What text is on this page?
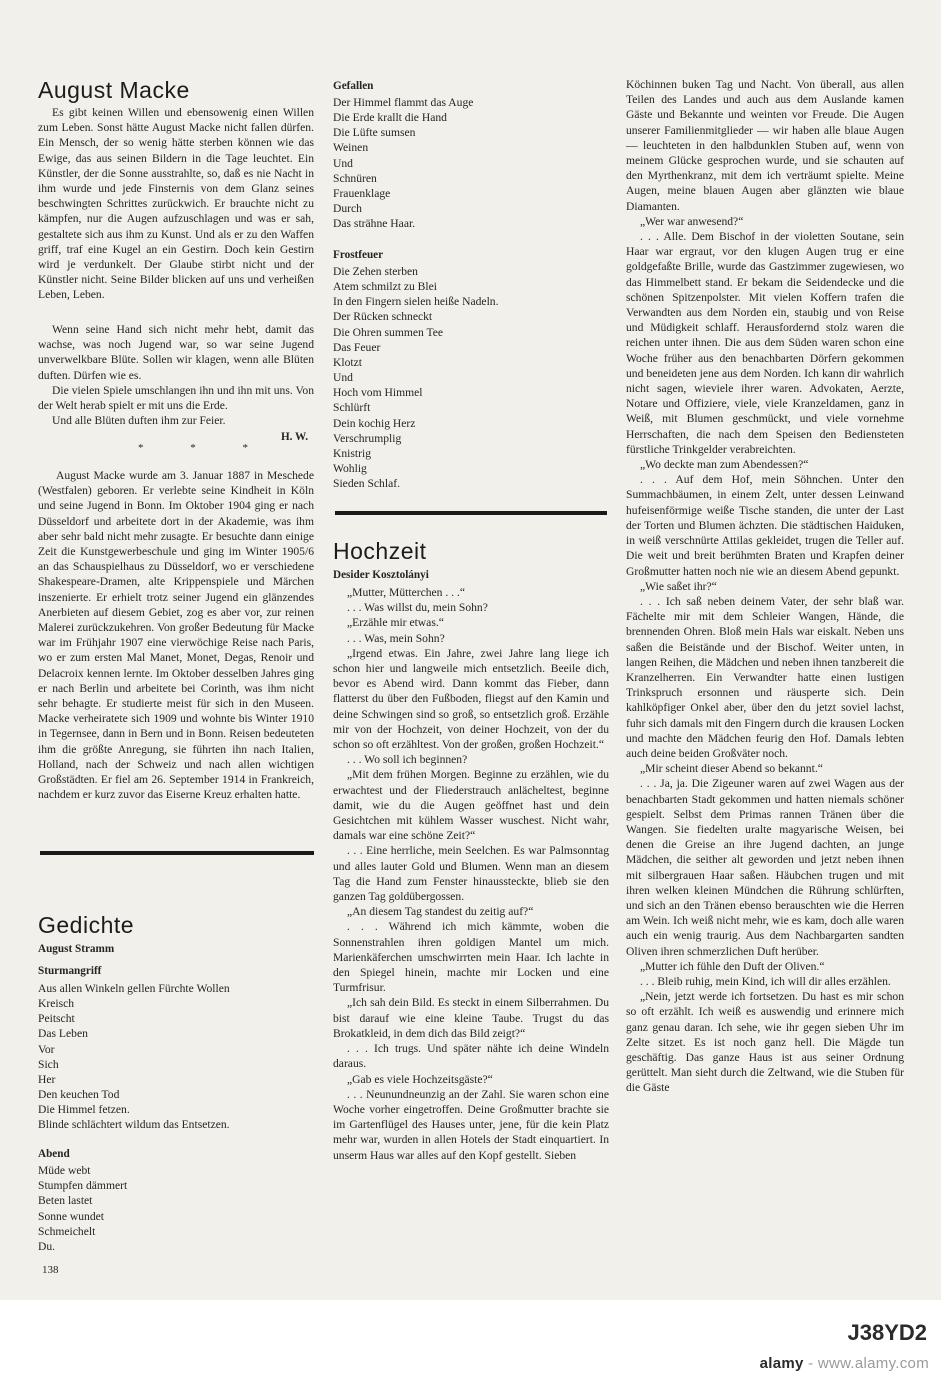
August Macke
Es gibt keinen Willen und ebensowenig einen Willen zum Leben. Sonst hätte August Macke nicht fallen dürfen. Ein Mensch, der so wenig hätte sterben können wie das Ewige, das aus seinen Bildern in die Tage leuchtet. Ein Künstler, der die Sonne ausstrahlte, so, daß es nie Nacht in ihm wurde und jede Finsternis von dem Glanz seines beschwingten Schrittes zurückwich. Er brauchte nicht zu kämpfen, nur die Augen aufzuschlagen und was er sah, gestaltete sich aus ihm zu Kunst. Und als er zu den Waffen griff, traf eine Kugel an ein Gestirn. Doch kein Gestirn wird je verdunkelt. Der Glaube stirbt nicht und der Künstler nicht. Seine Bilder blicken auf uns und verheißen Leben, Leben.
Wenn seine Hand sich nicht mehr hebt, damit das wachse, was noch Jugend war, so war seine Jugend unverwelkbare Blüte. Sollen wir klagen, wenn alle Blüten duften. Dürfen wie es.
Die vielen Spiele umschlangen ihn und ihn mit uns. Von der Welt herab spielt er mit uns die Erde.
Und alle Blüten duften ihm zur Feier.
H. W.
* * *
August Macke wurde am 3. Januar 1887 in Meschede (Westfalen) geboren. Er verlebte seine Kindheit in Köln und seine Jugend in Bonn. Im Oktober 1904 ging er nach Düsseldorf und arbeitete dort in der Akademie, was ihm aber sehr bald nicht mehr zusagte. Er besuchte dann einige Zeit die Kunstgewerbeschule und ging im Winter 1905/6 an das Schauspielhaus zu Düsseldorf, wo er verschiedene Shakespeare-Dramen, alte Krippenspiele und Märchen inszenierte. Er erhielt trotz seiner Jugend ein glänzendes Anerbieten auf diesem Gebiet, zog es aber vor, zur reinen Malerei zurückzukehren. Von großer Bedeutung für Macke war im Frühjahr 1907 eine vierwöchige Reise nach Paris, wo er zum ersten Mal Manet, Monet, Degas, Renoir und Delacroix kennen lernte. Im Oktober desselben Jahres ging er nach Berlin und arbeitete bei Corinth, was ihm nicht sehr behagte. Er studierte meist für sich in den Museen. Macke verheiratete sich 1909 und wohnte bis Winter 1910 in Tegernsee, dann in Bern und in Bonn. Reisen bedeuteten ihm die größte Anregung, sie führten ihn nach Italien, Holland, nach der Schweiz und nach allen wichtigen Großstädten. Er fiel am 26. September 1914 in Frankreich, nachdem er kurz zuvor das Eiserne Kreuz erhalten hatte.
Gedichte
August Stramm
Sturmangriff
Aus allen Winkeln gellen Fürchte Wollen
Kreisch
Peitscht
Das Leben
Vor
Sich
Her
Den keuchen Tod
Die Himmel fetzen.
Blinde schlächtert wildum das Entsetzen.
Abend
Müde webt
Stumpfen dämmert
Beten lastet
Sonne wundet
Schmeichelt
Du.
138
Gefallen
Der Himmel flammt das Auge
Die Erde krallt die Hand
Die Lüfte sumsen
Weinen
Und
Schnüren
Frauenklage
Durch
Das strähne Haar.
Frostfeuer
Die Zehen sterben
Atem schmilzt zu Blei
In den Fingern sielen heiße Nadeln.
Der Rücken schneckt
Die Ohren summen Tee
Das Feuer
Klotzt
Und
Hoch vom Himmel
Schlürft
Dein kochig Herz
Verschrumplig
Knistrig
Wohlig
Sieden Schlaf.
Hochzeit
Desider Kosztolányi
„Mutter, Mütterchen . . .“
. . . Was willst du, mein Sohn?
„Erzähle mir etwas.“
. . . Was, mein Sohn?
„Irgend etwas. Ein Jahre, zwei Jahre lang liege ich schon hier und langweile mich entsetzlich. Beeile dich, bevor es Abend wird. Dann kommt das Fieber, dann flatterst du über den Fußboden, fliegst auf den Kamin und deine Schwingen sind so groß, so entsetzlich groß. Erzähle mir von der Hochzeit, von deiner Hochzeit, von der du schon so oft erzähltest. Von der großen, großen Hochzeit.“
. . . Wo soll ich beginnen?
„Mit dem frühen Morgen. Beginne zu erzählen, wie du erwachtest und der Fliederstrauch anlächeltest, beginne damit, wie du die Augen geöffnet hast und dein Gesichtchen mit kühlem Wasser wuschest. Nicht wahr, damals war eine schöne Zeit?“
. . . Eine herrliche, mein Seelchen. Es war Palmsonntag und alles lauter Gold und Blumen. Wenn man an diesem Tag die Hand zum Fenster hinaussteckte, blieb sie den ganzen Tag goldübergossen.
„An diesem Tag standest du zeitig auf?“
. . . Während ich mich kämmte, woben die Sonnenstrahlen ihren goldigen Mantel um mich. Marienkäferchen umschwirrten mein Haar. Ich lachte in den Spiegel hinein, machte mir Locken und eine Turmfrisur.
„Ich sah dein Bild. Es steckt in einem Silberrahmen. Du bist darauf wie eine kleine Taube. Trugst du das Brokatkleid, in dem dich das Bild zeigt?“
. . . Ich trugs. Und später nähte ich deine Windeln daraus.
„Gab es viele Hochzeitsgäste?“
. . . Neunundneunzig an der Zahl. Sie waren schon eine Woche vorher eingetroffen. Deine Großmutter brachte sie im Gartenflügel des Hauses unter, jene, für die kein Platz mehr war, wurden in allen Hotels der Stadt einquartiert. In unserm Haus war alles auf den Kopf gestellt. Sieben
Köchinnen buken Tag und Nacht. Von überall, aus allen Teilen des Landes und auch aus dem Auslande kamen Gäste und Bekannte und weinten vor Freude. Die Augen unserer Familienmitglieder — wir haben alle blaue Augen — leuchteten in den halbdunklen Stuben auf, wenn von meinem Glücke gesprochen wurde, und sie schauten auf den Myrthenkranz, mit dem ich verträumt spielte. Meine Augen, meine blauen Augen aber glänzten wie blaue Diamanten.
„Wer war anwesend?“
. . . Alle. Dem Bischof in der violetten Soutane, sein Haar war ergraut, vor den klugen Augen trug er eine goldgefaßte Brille, wurde das Gastzimmer zugewiesen, wo das Himmelbett stand. Er bekam die Seidendecke und die schönen Spitzenpolster. Mit vielen Koffern trafen die Verwandten aus dem Norden ein, staubig und von Reise und Müdigkeit schlaff. Herausfordernd stolz waren die reichen unter ihnen. Die aus dem Süden waren schon eine Woche früher aus den benachbarten Dörfern gekommen und beneideten jene aus dem Norden. Ich kann dir wahrlich nicht sagen, wieviele ihrer waren. Advokaten, Aerzte, Notare und Offiziere, viele, viele Kranzeldamen, ganz in Weiß, mit Blumen geschmückt, und viele vornehme Herrschaften, die nach dem Speisen den Bediensteten fürstliche Trinkgelder verabreichten.
„Wo deckte man zum Abendessen?“
. . . Auf dem Hof, mein Söhnchen. Unter den Summachbäumen, in einem Zelt, unter dessen Leinwand hufeisenförmige weiße Tische standen, die unter der Last der Torten und Blumen ächzten. Die städtischen Haiduken, in weiß verschnürte Attilas gekleidet, trugen die Teller auf. Die weit und breit berühmten Braten und Krapfen deiner Großmutter hatten noch nie wie an diesem Abend gepunkt.
„Wie saßet ihr?“
. . . Ich saß neben deinem Vater, der sehr blaß war. Fächelte mir mit dem Schleier Wangen, Hände, die brennenden Ohren. Bloß mein Hals war eiskalt. Neben uns saßen die Beistände und der Bischof. Weiter unten, in langen Reihen, die Mädchen und neben ihnen tanzbereit die Kranzelherren. Ein Verwandter hatte einen lustigen Trinkspruch ersonnen und räusperte sich. Dein kahlköpfiger Onkel aber, über den du jetzt soviel lachst, fuhr sich damals mit den Fingern durch die krausen Locken und machte den Mädchen feurig den Hof. Damals lebten auch deine beiden Großväter noch.
„Mir scheint dieser Abend so bekannt.“
. . . Ja, ja. Die Zigeuner waren auf zwei Wagen aus der benachbarten Stadt gekommen und hatten niemals schöner gespielt. Selbst dem Primas rannen Tränen über die Wangen. Sie fiedelten uralte magyarische Weisen, bei denen die Greise an ihre Jugend dachten, an junge Mädchen, die seither alt geworden und jetzt neben ihnen mit silbergrauen Haar saßen. Häubchen trugen und mit ihren welken kleinen Mündchen die Rührung schlürften, und sich an den Tränen ebenso berauschten wie die Herren am Wein. Ich weiß nicht mehr, wie es kam, doch alle waren auch ein wenig traurig. Aus dem Nachbargarten sandten Oliven ihren schmerzlichen Duft herüber.
„Mutter ich fühle den Duft der Oliven.“
. . . Bleib ruhig, mein Kind, ich will dir alles erzählen.
„Nein, jetzt werde ich fortsetzen. Du hast es mir schon so oft erzählt. Ich weiß es auswendig und erinnere mich ganz genau daran. Ich sehe, wie ihr gegen sieben Uhr im Zelte sitzet. Es ist noch ganz hell. Die Mägde tun geschäftig. Das ganze Haus ist aus seiner Ordnung gerüttelt. Man sieht durch die Zeltwand, wie die Stuben für die Gäste
alamy - www.alamy.com
J38YD2
